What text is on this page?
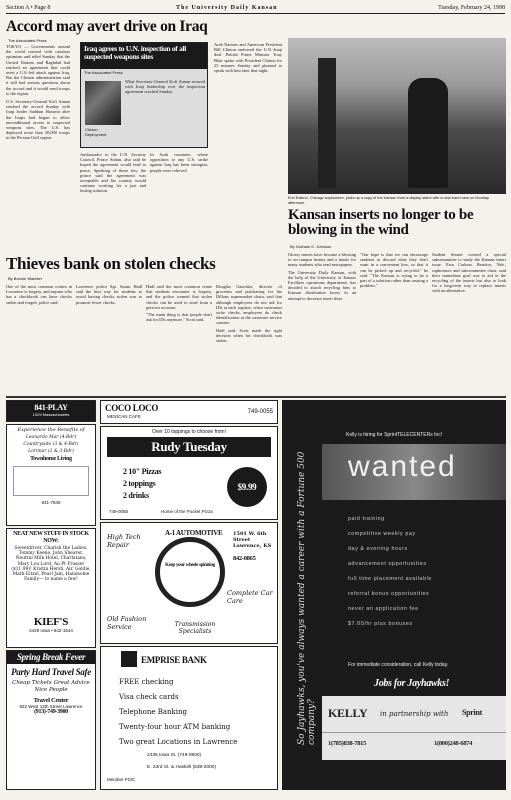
Section A • Page 8	The University Daily Kansan	Tuesday, February 24, 1998
Accord may avert drive on Iraq
The Associated Press

TOKYO — Governments around the world reacted with cautious optimism and relief Sunday that the United Nations and Baghdad had reached an agreement that could avert a U.S.-led attack against Iraq. But the Clinton administration said it still had serious questions about the accord and it would send troops to the region.

U.S. Secretary-General Kofi Annan reached the accord Sunday with Iraqi leader Saddam Hussein after the Iraqis had begun to allow unconditional access to suspected weapons sites. The U.S. has deployed more than 30,000 troops in the Persian Gulf region.

Iraq agrees to U.N. inspection of all suspected weapons sites
The Associated Press
Clinton: Deployment
What Secretary-General Kofi Annan secured with Iraqi leadership over the inspection agreement reached Sunday.
Ambassador to the U.N. Security Council, Prince Sultan, also said he hoped the agreement would lead to peace. Speaking of those ties, the prince said the agreement was acceptable and his country would continue working for a just and lasting solution.
In Arab countries, where opposition to any U.S. strike against Iraq has been strongest, people were relieved.

Arab Nations and American President Bill Clinton endorsed the U.N.-Iraqi deal. British Prime Minister Tony Blair spoke with President Clinton for 25 minutes Sunday and planned to speak with him later that night.

Erin Edlund, Chicago sophomore, picks up a copy of the Kansan from a display stand with a new insert rack on Monday afternoon.
Kansan inserts no longer to be blowing in the wind
Thieves bank on stolen checks
By Bonnie Wachter
One of the most common crimes in Lawrence is forgery, and anyone who has a checkbook can have checks stolen and forged, police said.
Lawrence police Sgt. Susan Hadl said the best way for students to avoid having checks stolen was to promote fewer checks.

Hadl said the most common crime that students encounter is forgery, and the police warned that stolen checks can be used to steal from a person's account.

"The main thing is that people don't ask for IDs anymore," Scott said.

Douglas Gauchier, director of groceries and purchasing for the Dillons supermarket chain, said that although employees do not ask for IDs at each register, when customers write checks, employees do check identification at the customer service counter.

Hadl said, Scott made the right decision when his checkbook was stolen.

By Graham K. Johnson

Glossy inserts have become a blessing to on-campus beauty and a hassle for many students who read newspapers.

The University Daily Kansan, with the help of the University of Kansas Facilities operations department, has decided to attach recycling bins to Kansan distribution boxes in an attempt to decrease insert litter.

"Our hope is that we can encourage students to discard what they don't want in a convenient box, so that it can be picked up and recycled," he said. "The Kansan is trying to be a part of a solution rather than causing a problem."
Student Senate created a special subcommittee to study the Kansan insert issue. Ezra Carlson, Beatrice, Neb., sophomore and subcommittee chair, said their immediate goal was to aid in the recycling of the inserts but also to look for a long-term way to replace inserts with an alternative.
841-PLAY
1029 Massachusetts
Experience the Benefits of
Leonardo Mar (4-Bdr)
Countryside (3 & 4-Bdr)
Lorimar (2 & 3-Bdr)
Townhome Living
841-7849
NEAT NEW STUFF IN STOCK NOW:
Sweetdriver, Charish the Ladies, Tommy Keene, John Shearer, Neutral Milk Hotel, Charlatans, Mary Lou Lord, Au Pt Frasser ($11.99)! Kristin Hersh, Air, Goldie, Mark Eitzel, Pearl Jam, Handsome Family— to name a few!
KIEF'S
2429 Iowa • 842-1544
Spring Break Fever
Party Hard Travel Safe
Cheap Tickets Great Advice Nice People
Travel Center
822 West 12th Street Lawrence
(913)-749-3900
COCO LOCO
MEXICAN CAFE
749-0055
Over 10 toppings to choose from!
Rudy Tuesday
2 10" Pizzas
2 toppings
2 drinks
$9.99
749-0055	Home of the Pocket Pizza
A-1 AUTOMOTIVE
Keep your wheels spinning
High Tech Repair
1501 W. 6th Street Lawrence, KS
842-0865
Old Fashion Service
Complete Car Care
Transmission Specialists
EMPRISE BANK
FREE checking
Visa check cards
Telephone Banking
Twenty-four hour ATM banking
Two great Locations in Lawrence
2435 Iowa St. (749-0800)
E. 23rd St. & Haskell (838-2000)
Member FDIC
So Jayhawks, you've always wanted a career with a Fortune 500 company?
Kelly is hiring for SprintTELECENTERs Inc!
wanted
paid training
competitive weekly pay
day & evening hours
advancement opportunities
full time placement available
referral bonus opportunities
never an application fee
$7.00/hr plus bonuses
For immediate consideration, call Kelly today.
Jobs for Jayhawks!
KELLY in partnership with Sprint
1(785)838-7815	1(800)248-6874
